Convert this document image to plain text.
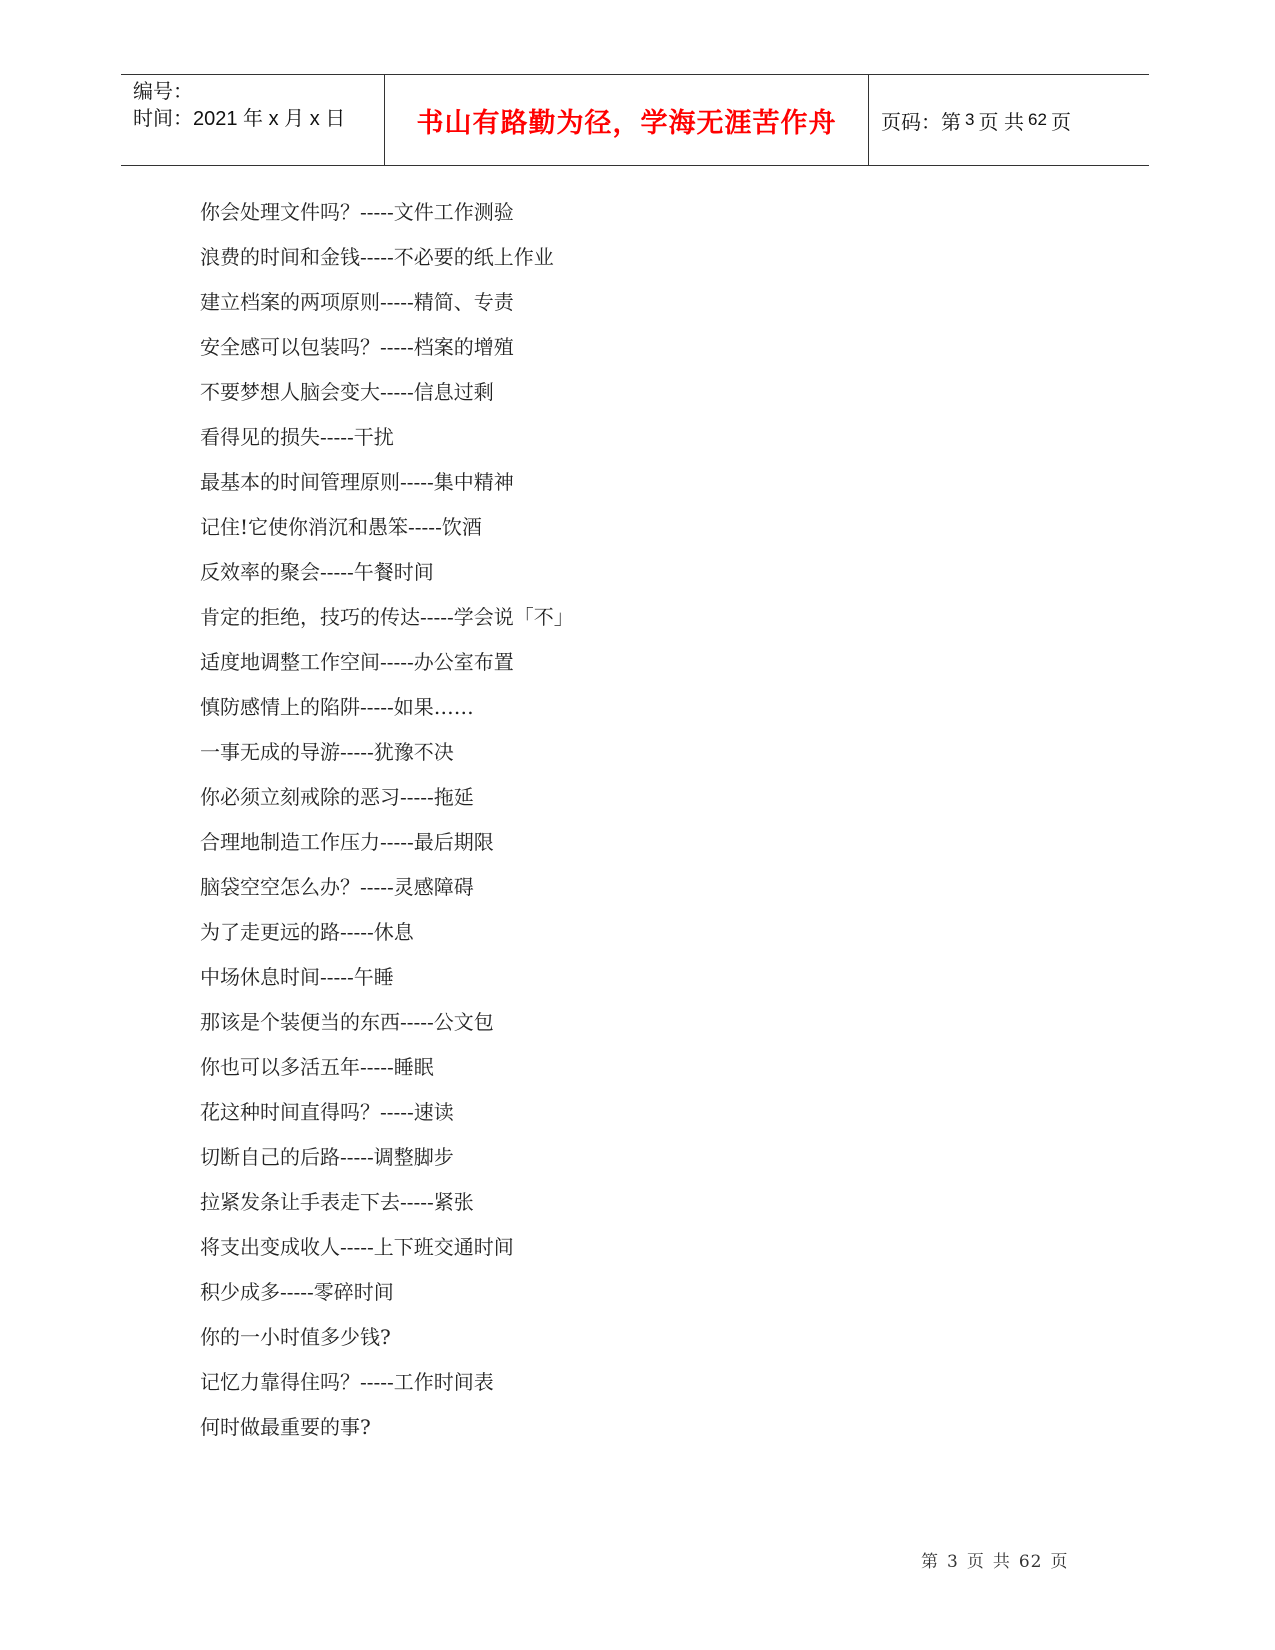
编号：
时间：2021 年 x 月 x 日	书山有路勤为径，学海无涯苦作舟 页码：第 3 页 共 62 页
你会处理文件吗？-----文件工作测验
浪费的时间和金钱-----不必要的纸上作业
建立档案的两项原则-----精简、专责
安全感可以包装吗？-----档案的增殖
不要梦想人脑会变大-----信息过剩
看得见的损失-----干扰
最基本的时间管理原则-----集中精神
记住!它使你消沉和愚笨-----饮酒
反效率的聚会-----午餐时间
肯定的拒绝，技巧的传达-----学会说「不」
适度地调整工作空间-----办公室布置
慎防感情上的陷阱-----如果……
一事无成的导游-----犹豫不决
你必须立刻戒除的恶习-----拖延
合理地制造工作压力-----最后期限
脑袋空空怎么办？-----灵感障碍
为了走更远的路-----休息
中场休息时间-----午睡
那该是个装便当的东西-----公文包
你也可以多活五年-----睡眠
花这种时间直得吗？-----速读
切断自己的后路-----调整脚步
拉紧发条让手表走下去-----紧张
将支出变成收人-----上下班交通时间
积少成多-----零碎时间
你的一小时值多少钱?
记忆力靠得住吗？-----工作时间表
何时做最重要的事?
第 3 页 共 62 页
